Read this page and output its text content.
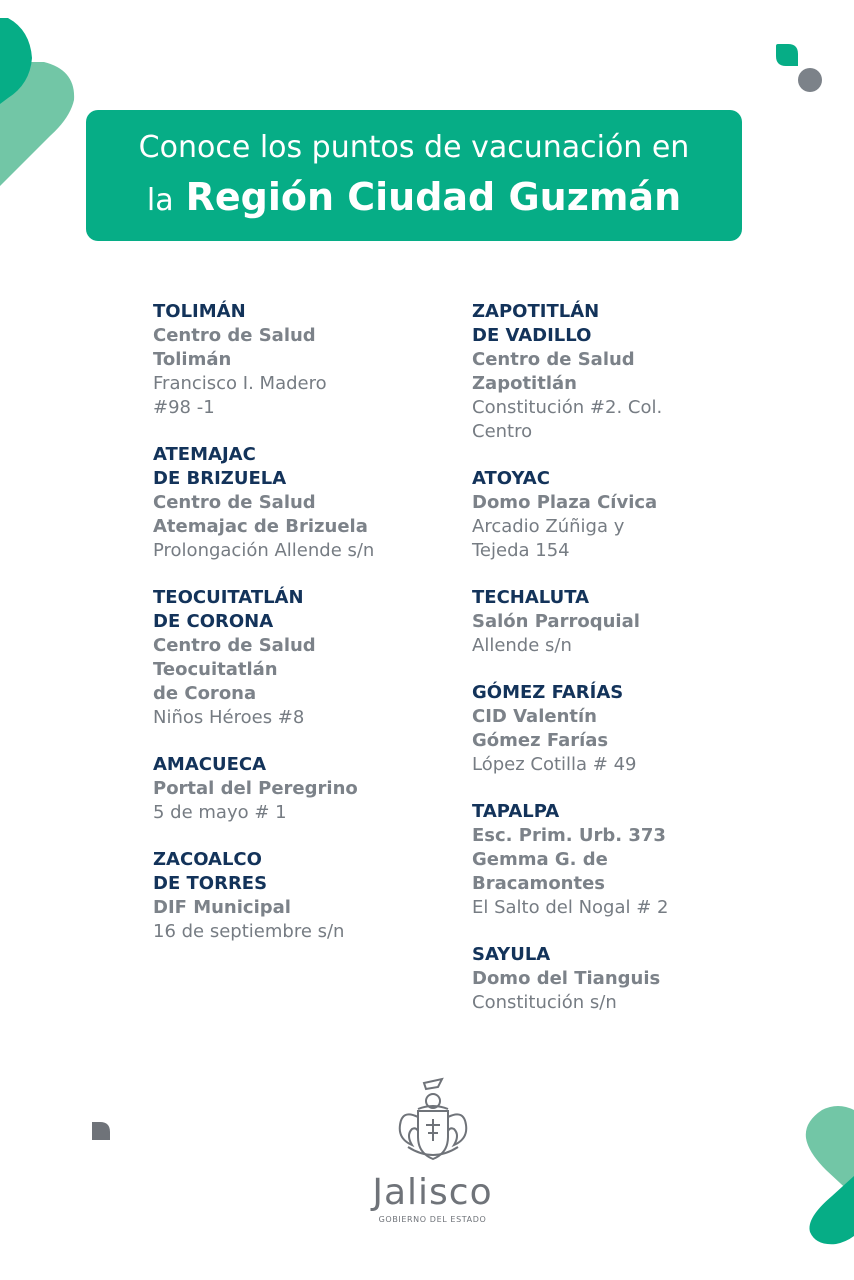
Conoce los puntos de vacunación en
la Región Ciudad Guzmán
TOLIMÁN
Centro de Salud
Tolimán
Francisco I. Madero
#98 -1
ATEMAJAC
DE BRIZUELA
Centro de Salud
Atemajac de Brizuela
Prolongación Allende s/n
TEOCUITATLÁN
DE CORONA
Centro de Salud
Teocuitatlán
de Corona
Niños Héroes #8
AMACUECA
Portal del Peregrino
5 de mayo # 1
ZACOALCO
DE TORRES
DIF Municipal
16 de septiembre s/n
ZAPOTITLÁN
DE VADILLO
Centro de Salud
Zapotitlán
Constitución #2. Col.
Centro
ATOYAC
Domo Plaza Cívica
Arcadio Zúñiga y
Tejeda 154
TECHALUTA
Salón Parroquial
Allende s/n
GÓMEZ FARÍAS
CID Valentín
Gómez Farías
López Cotilla # 49
TAPALPA
Esc. Prim. Urb. 373
Gemma G. de
Bracamontes
El Salto del Nogal # 2
SAYULA
Domo del Tianguis
Constitución s/n
Jalisco
GOBIERNO DEL ESTADO
